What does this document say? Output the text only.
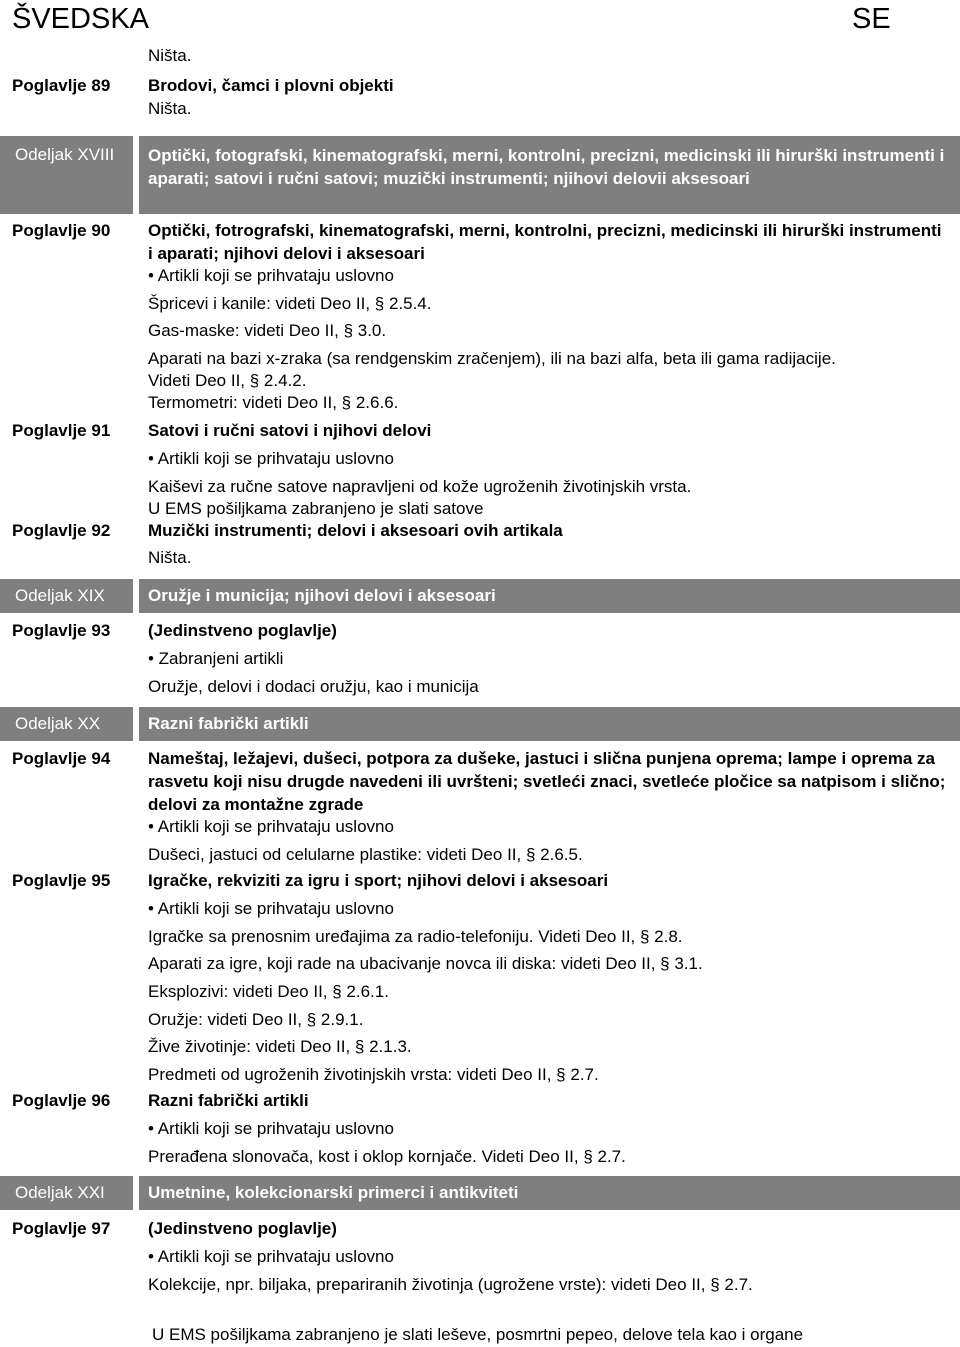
ŠVEDSKA	SE
Ništa.
Poglavlje 89 Brodovi, čamci i plovni objekti
Ništa.
Odeljak XVIII	Optički, fotografski, kinematografski, merni, kontrolni, precizni, medicinski ili hirurški instrumenti i aparati; satovi i ručni satovi; muzički instrumenti; njihovi delovii aksesoari
Poglavlje 90 Optički, fotrografski, kinematografski, merni, kontrolni, precizni, medicinski ili hirurški instrumenti i aparati; njihovi delovi i aksesoari
• Artikli koji se prihvataju uslovno
Špricevi i kanile: videti Deo II, § 2.5.4.
Gas-maske: videti Deo II, § 3.0.
Aparati na bazi x-zraka (sa rendgenskim zračenjem), ili na bazi alfa, beta ili gama radijacije.
Videti Deo II, § 2.4.2.
Termometri: videti Deo II, § 2.6.6.
Poglavlje 91 Satovi i ručni satovi i njihovi delovi
• Artikli koji se prihvataju uslovno
Kaiševi za ručne satove napravljeni od kože ugroženih životinjskih vrsta.
U EMS pošiljkama zabranjeno je slati satove
Poglavlje 92 Muzički instrumenti; delovi i aksesoari ovih artikala
Ništa.
Odeljak XIX	Oružje i municija; njihovi delovi i aksesoari
Poglavlje 93 (Jedinstveno poglavlje)
• Zabranjeni artikli
Oružje, delovi i dodaci oružju, kao i municija
Odeljak XX	Razni fabrički artikli
Poglavlje 94 Nameštaj, ležajevi, dušeci, potpora za dušeke, jastuci i slična punjena oprema; lampe i oprema za rasvetu koji nisu drugde navedeni ili uvršteni; svetleći znaci, svetleće pločice sa natpisom i slično; delovi za montažne zgrade
• Artikli koji se prihvataju uslovno
Dušeci, jastuci od celularne plastike: videti Deo II, § 2.6.5.
Poglavlje 95 Igračke, rekviziti za igru i sport; njihovi delovi i aksesoari
• Artikli koji se prihvataju uslovno
Igračke sa prenosnim uređajima za radio-telefoniju. Videti Deo II, § 2.8.
Aparati za igre, koji rade na ubacivanje novca ili diska: videti Deo II, § 3.1.
Eksplozivi: videti Deo II, § 2.6.1.
Oružje: videti Deo II, § 2.9.1.
Žive životinje: videti Deo II, § 2.1.3.
Predmeti od ugroženih životinjskih vrsta: videti Deo II, § 2.7.
Poglavlje 96 Razni fabrički artikli
• Artikli koji se prihvataju uslovno
Prerađena slonovača, kost i oklop kornjače. Videti Deo II, § 2.7.
Odeljak XXI	Umetnine, kolekcionarski primerci i antikviteti
Poglavlje 97 (Jedinstveno poglavlje)
• Artikli koji se prihvataju uslovno
Kolekcije, npr. biljaka, prepariranih životinja (ugrožene vrste): videti Deo II, § 2.7.
U EMS pošiljkama zabranjeno je slati leševe, posmrtni pepeo, delove tela kao i organe
